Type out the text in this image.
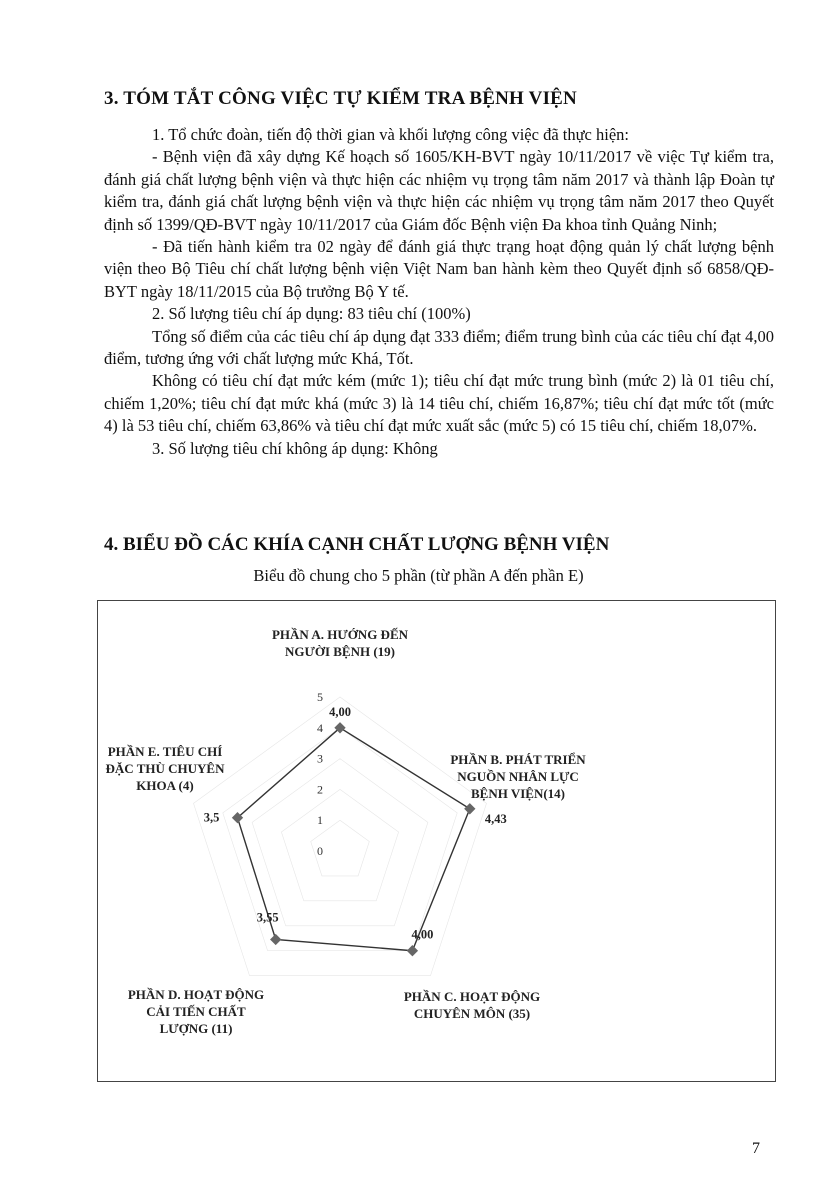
3. TÓM TẮT CÔNG VIỆC TỰ KIỂM TRA BỆNH VIỆN

1. Tổ chức đoàn, tiến độ thời gian và khối lượng công việc đã thực hiện:

- Bệnh viện đã xây dựng Kế hoạch số 1605/KH-BVT ngày 10/11/2017 về việc Tự kiểm tra, đánh giá chất lượng bệnh viện và thực hiện các nhiệm vụ trọng tâm năm 2017 và thành lập Đoàn tự kiểm tra, đánh giá chất lượng bệnh viện và thực hiện các nhiệm vụ trọng tâm năm 2017 theo Quyết định số 1399/QĐ-BVT ngày 10/11/2017 của Giám đốc Bệnh viện Đa khoa tỉnh Quảng Ninh;

- Đã tiến hành kiểm tra 02 ngày để đánh giá thực trạng hoạt động quản lý chất lượng bệnh viện theo Bộ Tiêu chí chất lượng bệnh viện Việt Nam ban hành kèm theo Quyết định số 6858/QĐ-BYT ngày 18/11/2015 của Bộ trưởng Bộ Y tế.

2. Số lượng tiêu chí áp dụng: 83 tiêu chí (100%)

Tổng số điểm của các tiêu chí áp dụng đạt 333 điểm; điểm trung bình của các tiêu chí đạt 4,00 điểm, tương ứng với chất lượng mức Khá, Tốt.

Không có tiêu chí đạt mức kém (mức 1); tiêu chí đạt mức trung bình (mức 2) là 01 tiêu chí, chiếm 1,20%; tiêu chí đạt mức khá (mức 3) là 14 tiêu chí, chiếm 16,87%; tiêu chí đạt mức tốt (mức 4) là 53 tiêu chí, chiếm 63,86% và tiêu chí đạt mức xuất sắc (mức 5) có 15 tiêu chí, chiếm 18,07%.

3. Số lượng tiêu chí không áp dụng: Không

4. BIỂU ĐỒ CÁC KHÍA CẠNH CHẤT LƯỢNG BỆNH VIỆN
Biểu đồ chung cho 5 phần (từ phần A đến phần E)
0
1
2
3
4
5
4,00
PHẦN A. HƯỚNG ĐẾN NGƯỜI BỆNH (19)
4,43
PHẦN B. PHÁT TRIỂN NGUỒN NHÂN LỰC BỆNH VIỆN(14)
4,00
PHẦN C. HOẠT ĐỘNG CHUYÊN MÔN (35)
3,55
PHẦN D. HOẠT ĐỘNG CẢI TIẾN CHẤT LƯỢNG (11)
3,5
PHẦN E. TIÊU CHÍ ĐẶC THÙ CHUYÊN KHOA (4)
7
